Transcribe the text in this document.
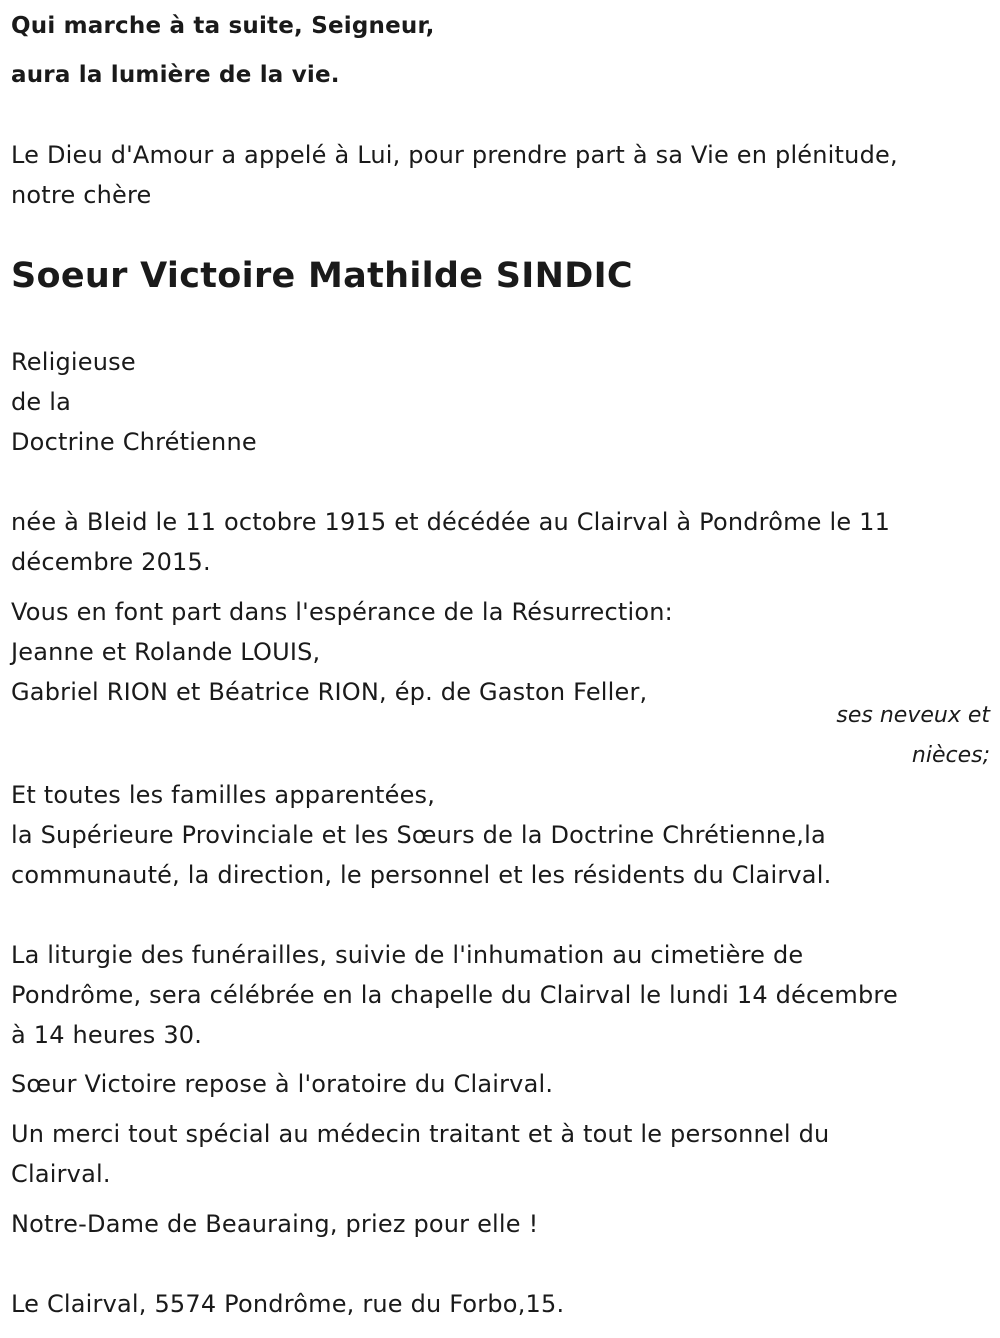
Qui marche à ta suite, Seigneur,
aura la lumière de la vie.
Le Dieu d'Amour a appelé à Lui, pour prendre part à sa Vie en plénitude,
notre chère
Soeur Victoire Mathilde SINDIC
Religieuse
de la
Doctrine Chrétienne
née à Bleid le 11 octobre 1915 et décédée au Clairval à Pondrôme le 11
décembre 2015.
Vous en font part dans l'espérance de la Résurrection:
Jeanne et Rolande LOUIS,
Gabriel RION et Béatrice RION, ép. de Gaston Feller,
ses neveux et
nièces;
Et toutes les familles apparentées,
la Supérieure Provinciale et les Sœurs de la Doctrine Chrétienne,la
communauté, la direction, le personnel et les résidents du Clairval.
La liturgie des funérailles, suivie de l'inhumation au cimetière de
Pondrôme, sera célébrée en la chapelle du Clairval le lundi 14 décembre
à 14 heures 30.
Sœur Victoire repose à l'oratoire du Clairval.
Un merci tout spécial au médecin traitant et à tout le personnel du
Clairval.
Notre-Dame de Beauraing, priez pour elle !
Le Clairval, 5574 Pondrôme, rue du Forbo,15.
